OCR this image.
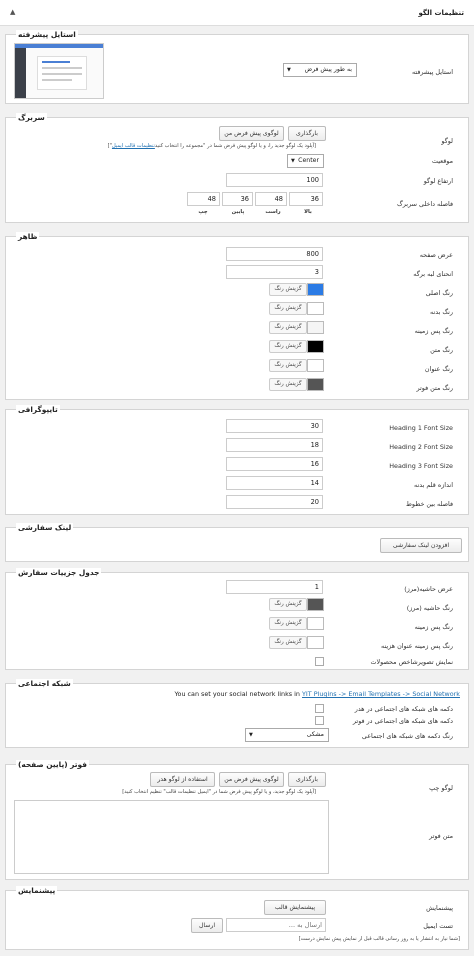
تنظیمات الگو
▲
استایل پیشرفته
استایل پیشرفته
▼ به طور پیش فرض
سربرگ
لوگو
بارگذاری
لوگوی پیش فرض من
[آپلود یک لوگو جدید را، و یا لوگو پیش فرض شما در "مجموعه را انتخاب کنیدتنظیمات قالب ایمیل"]
موقعیت
▼ Center
ارتفاع لوگو
100
فاصله داخلی سربرگ
36
48
36
48
بالا
راست
پایین
چپ
ظاهر
عرض صفحه
800
انحنای لبه برگه
3
رنگ اصلی
گزینش رنگ
رنگ بدنه
گزینش رنگ
رنگ پس زمینه
گزینش رنگ
رنگ متن
گزینش رنگ
رنگ عنوان
گزینش رنگ
رنگ متن فوتر
گزینش رنگ
تایپوگرافی
Heading 1 Font Size
30
Heading 2 Font Size
18
Heading 3 Font Size
16
اندازه قلم بدنه
14
فاصله بین خطوط
20
لینک سفارشی
افزودن لینک سفارشی
جدول جزییات سفارش
عرض حاشیه(مرز)
1
رنگ حاشیه (مرز)
گزینش رنگ
رنگ پس زمینه
گزینش رنگ
رنگ پس زمینه عنوان هزینه
گزینش رنگ
نمایش تصویرشاخص محصولات
شبکه اجتماعی
You can set your social network links in YIT Plugins -> Email Templates -> Social Network
دکمه های شبکه های اجتماعی در هدر
دکمه های شبکه های اجتماعی در فوتر
رنگ دکمه های شبکه های اجتماعی
▼	مشکی
فوتر (پایین صفحه)
لوگو چپ
بارگذاری
لوگوی پیش فرض من
استفاده از لوگو هدر
[آپلود یک لوگو جدید، و یا لوگو پیش فرض شما در "ایمیل تنظیمات قالب" تنظیم انتخاب کنید]
متن فوتر
پیشنمایش
پیشنمایش
پیشنمایش قالب
تست ایمیل
ارسال به ...
ارسال
[شما نیاز به انتشار یا به روز رسانی قالب قبل از نمایش پیش نمایش درست]
